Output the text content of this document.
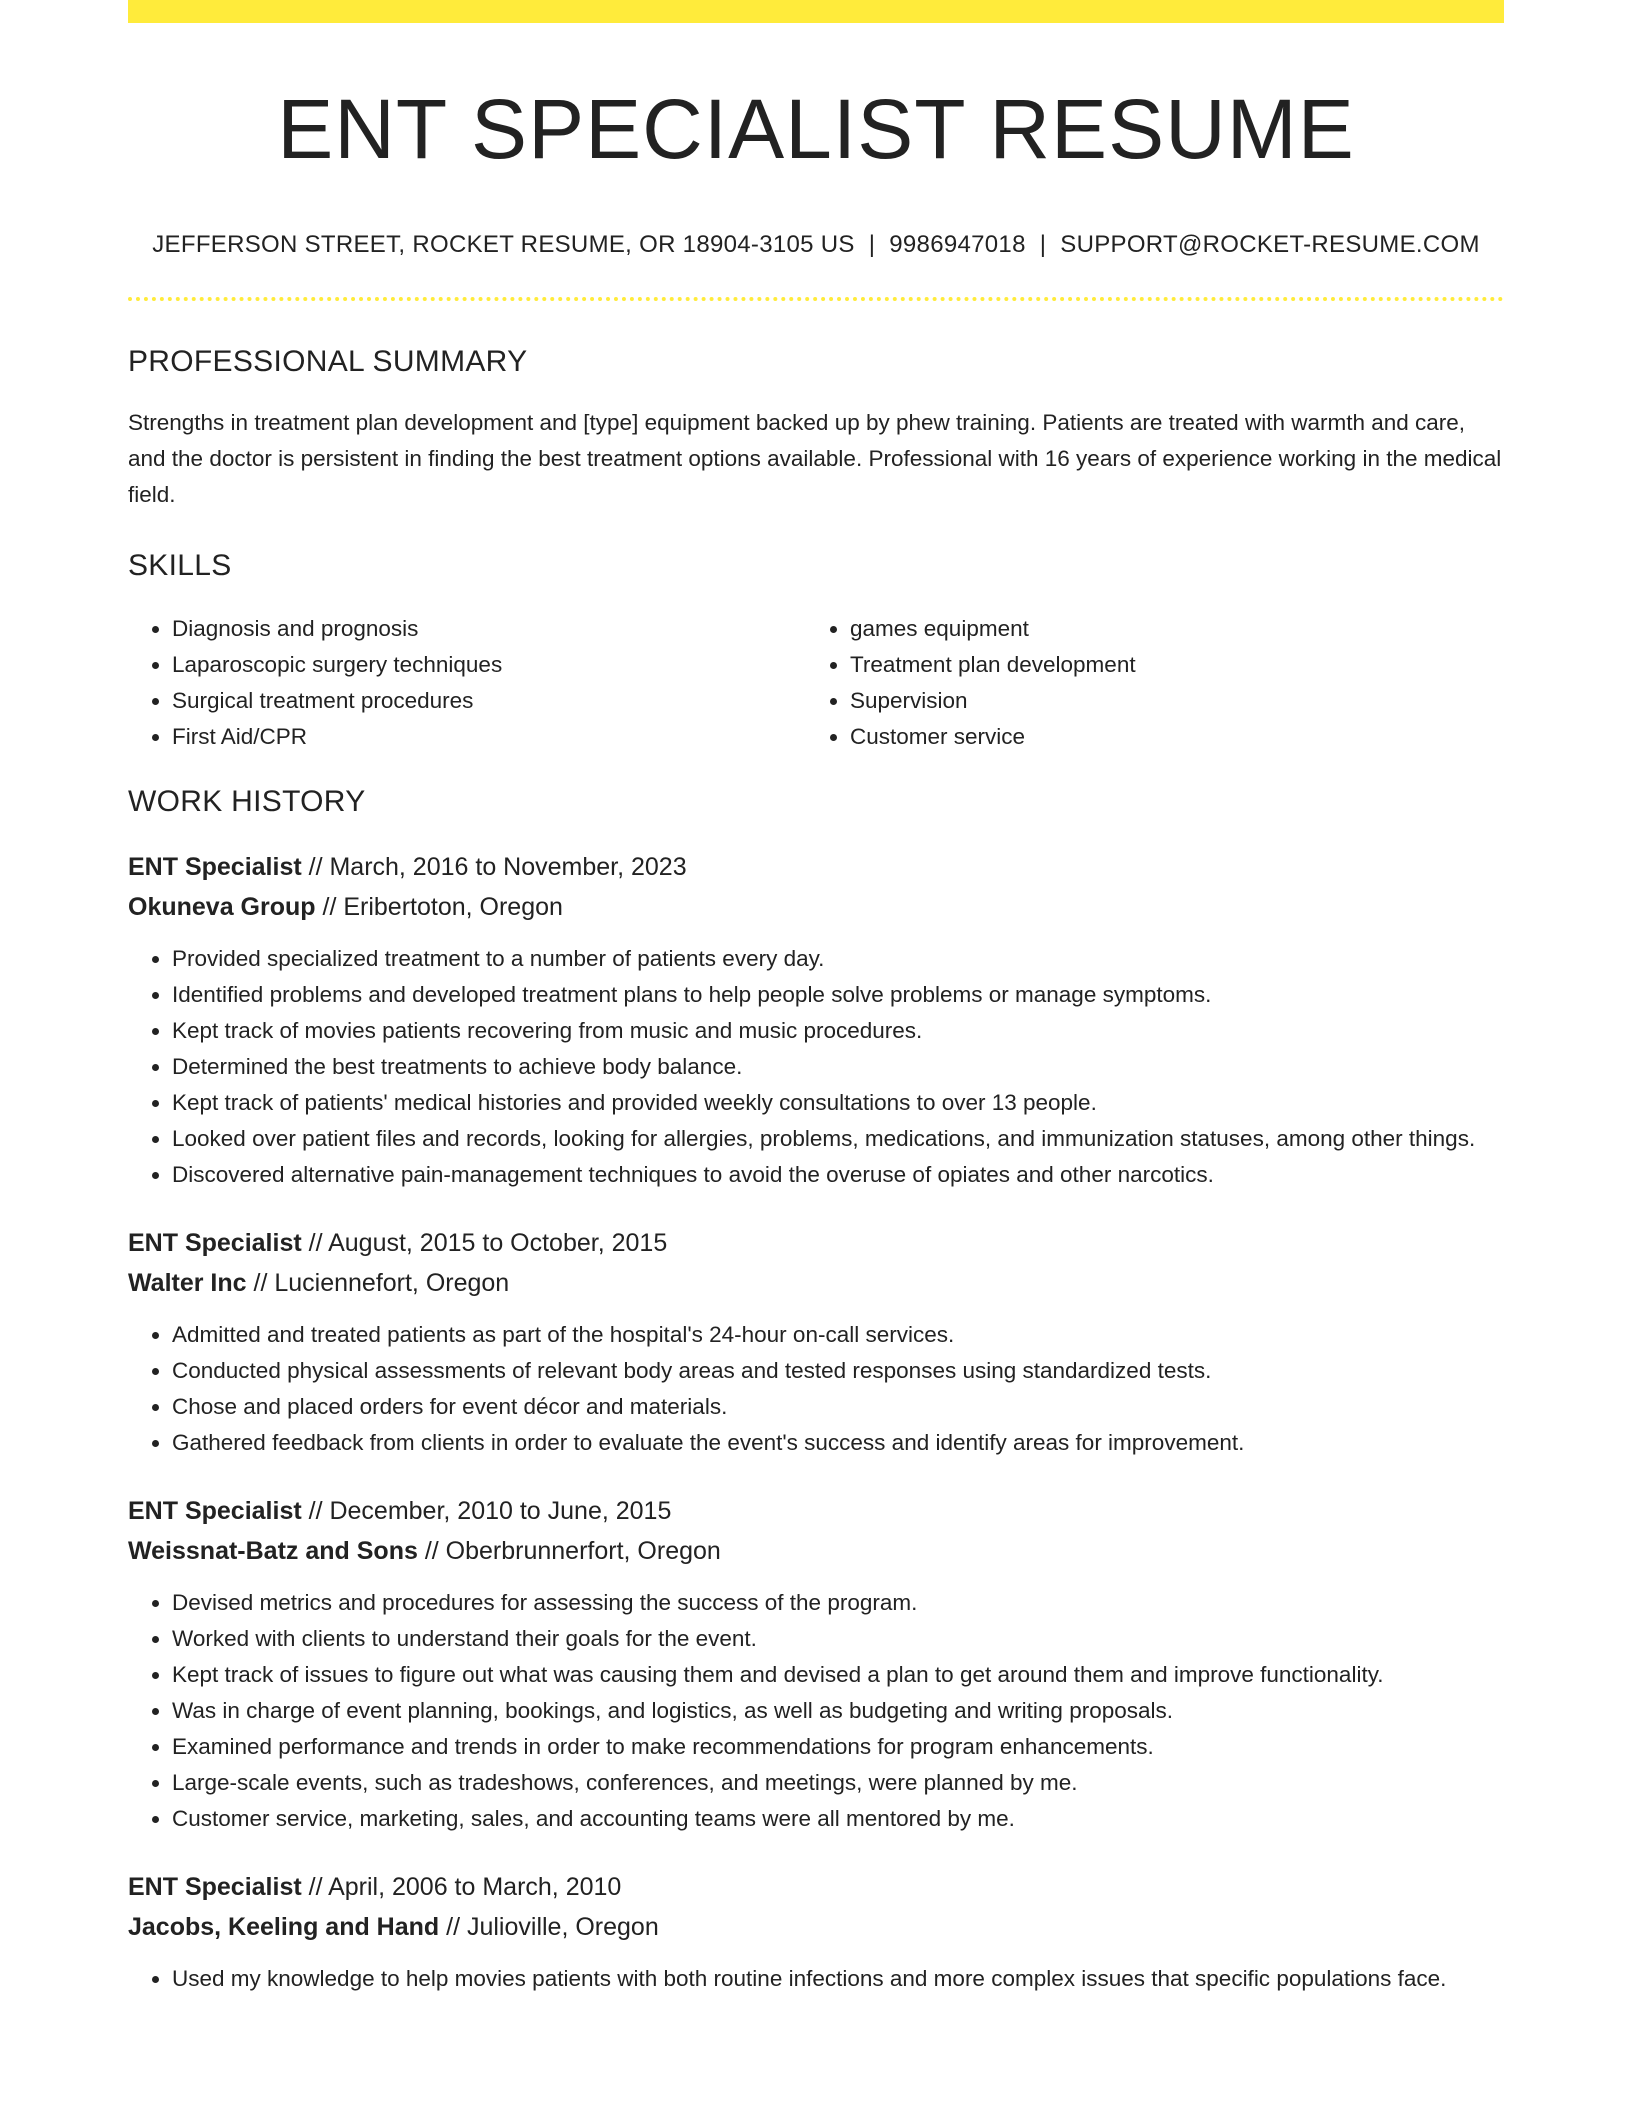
ENT SPECIALIST RESUME
JEFFERSON STREET, ROCKET RESUME, OR 18904-3105 US | 9986947018 | SUPPORT@ROCKET-RESUME.COM
PROFESSIONAL SUMMARY
Strengths in treatment plan development and [type] equipment backed up by phew training. Patients are treated with warmth and care, and the doctor is persistent in finding the best treatment options available. Professional with 16 years of experience working in the medical field.
SKILLS
• Diagnosis and prognosis
• Laparoscopic surgery techniques
• Surgical treatment procedures
• First Aid/CPR
• games equipment
• Treatment plan development
• Supervision
• Customer service
WORK HISTORY
ENT Specialist // March, 2016 to November, 2023
Okuneva Group // Eribertoton, Oregon
• Provided specialized treatment to a number of patients every day.
• Identified problems and developed treatment plans to help people solve problems or manage symptoms.
• Kept track of movies patients recovering from music and music procedures.
• Determined the best treatments to achieve body balance.
• Kept track of patients' medical histories and provided weekly consultations to over 13 people.
• Looked over patient files and records, looking for allergies, problems, medications, and immunization statuses, among other things.
• Discovered alternative pain-management techniques to avoid the overuse of opiates and other narcotics.
ENT Specialist // August, 2015 to October, 2015
Walter Inc // Luciennefort, Oregon
• Admitted and treated patients as part of the hospital's 24-hour on-call services.
• Conducted physical assessments of relevant body areas and tested responses using standardized tests.
• Chose and placed orders for event décor and materials.
• Gathered feedback from clients in order to evaluate the event's success and identify areas for improvement.
ENT Specialist // December, 2010 to June, 2015
Weissnat-Batz and Sons // Oberbrunnerfort, Oregon
• Devised metrics and procedures for assessing the success of the program.
• Worked with clients to understand their goals for the event.
• Kept track of issues to figure out what was causing them and devised a plan to get around them and improve functionality.
• Was in charge of event planning, bookings, and logistics, as well as budgeting and writing proposals.
• Examined performance and trends in order to make recommendations for program enhancements.
• Large-scale events, such as tradeshows, conferences, and meetings, were planned by me.
• Customer service, marketing, sales, and accounting teams were all mentored by me.
ENT Specialist // April, 2006 to March, 2010
Jacobs, Keeling and Hand // Julioville, Oregon
• Used my knowledge to help movies patients with both routine infections and more complex issues that specific populations face.
